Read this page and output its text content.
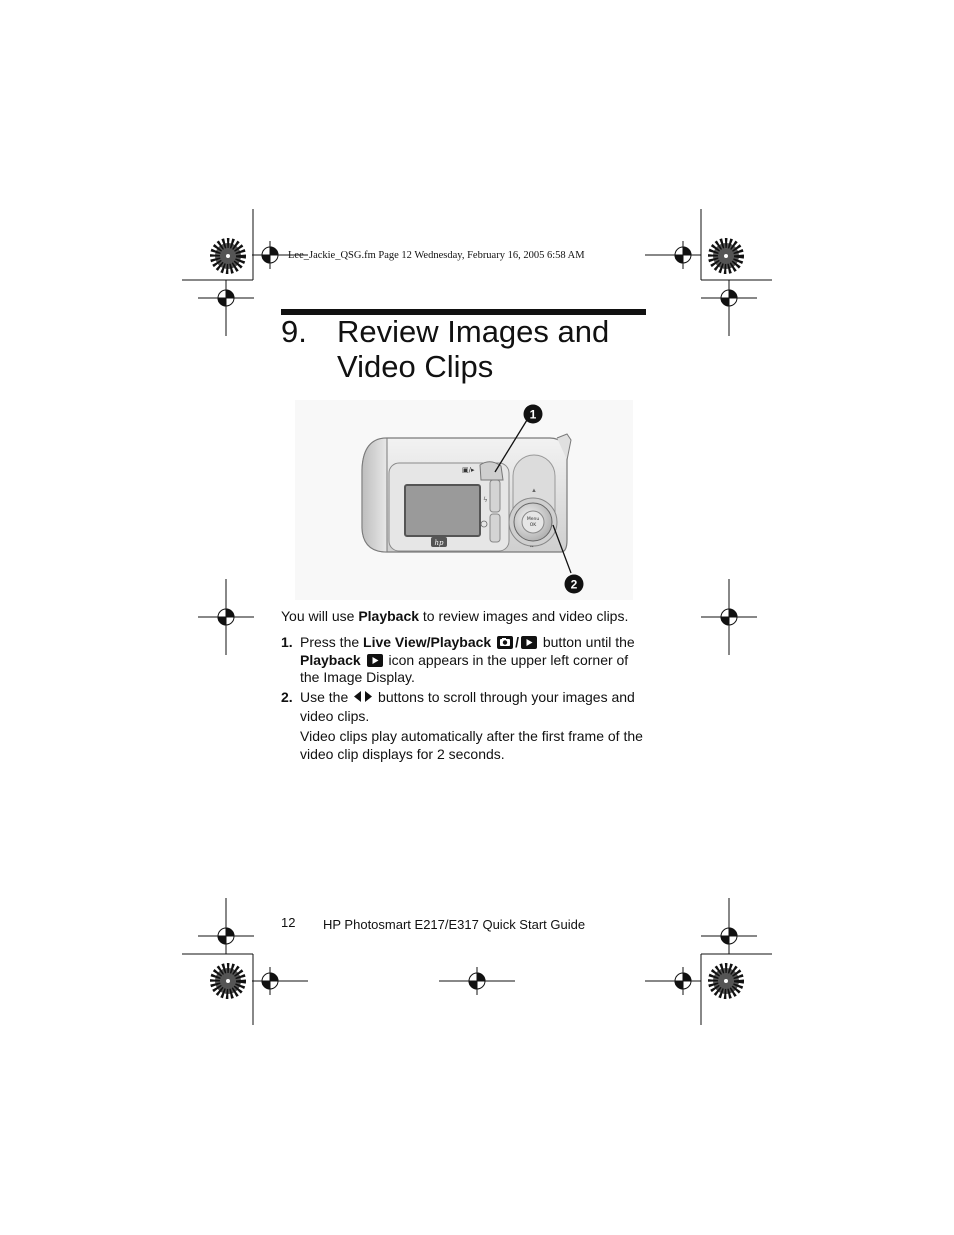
Lee_Jackie_QSG.fm Page 12 Wednesday, February 16, 2005 6:58 AM
9. Review Images and
Video Clips
ϟ
▣/▸
Menu
OK
▲
▪▪
hp
1
2
You will use Playback to review images and video clips.
1. Press the Live View/Playback /
button until the
Playback
icon appears in the upper left corner of the Image Display.
2. Use the  buttons to scroll through your images and video clips.
Video clips play automatically after the first frame of the video clip displays for 2 seconds.
12 HP Photosmart E217/E317 Quick Start Guide
